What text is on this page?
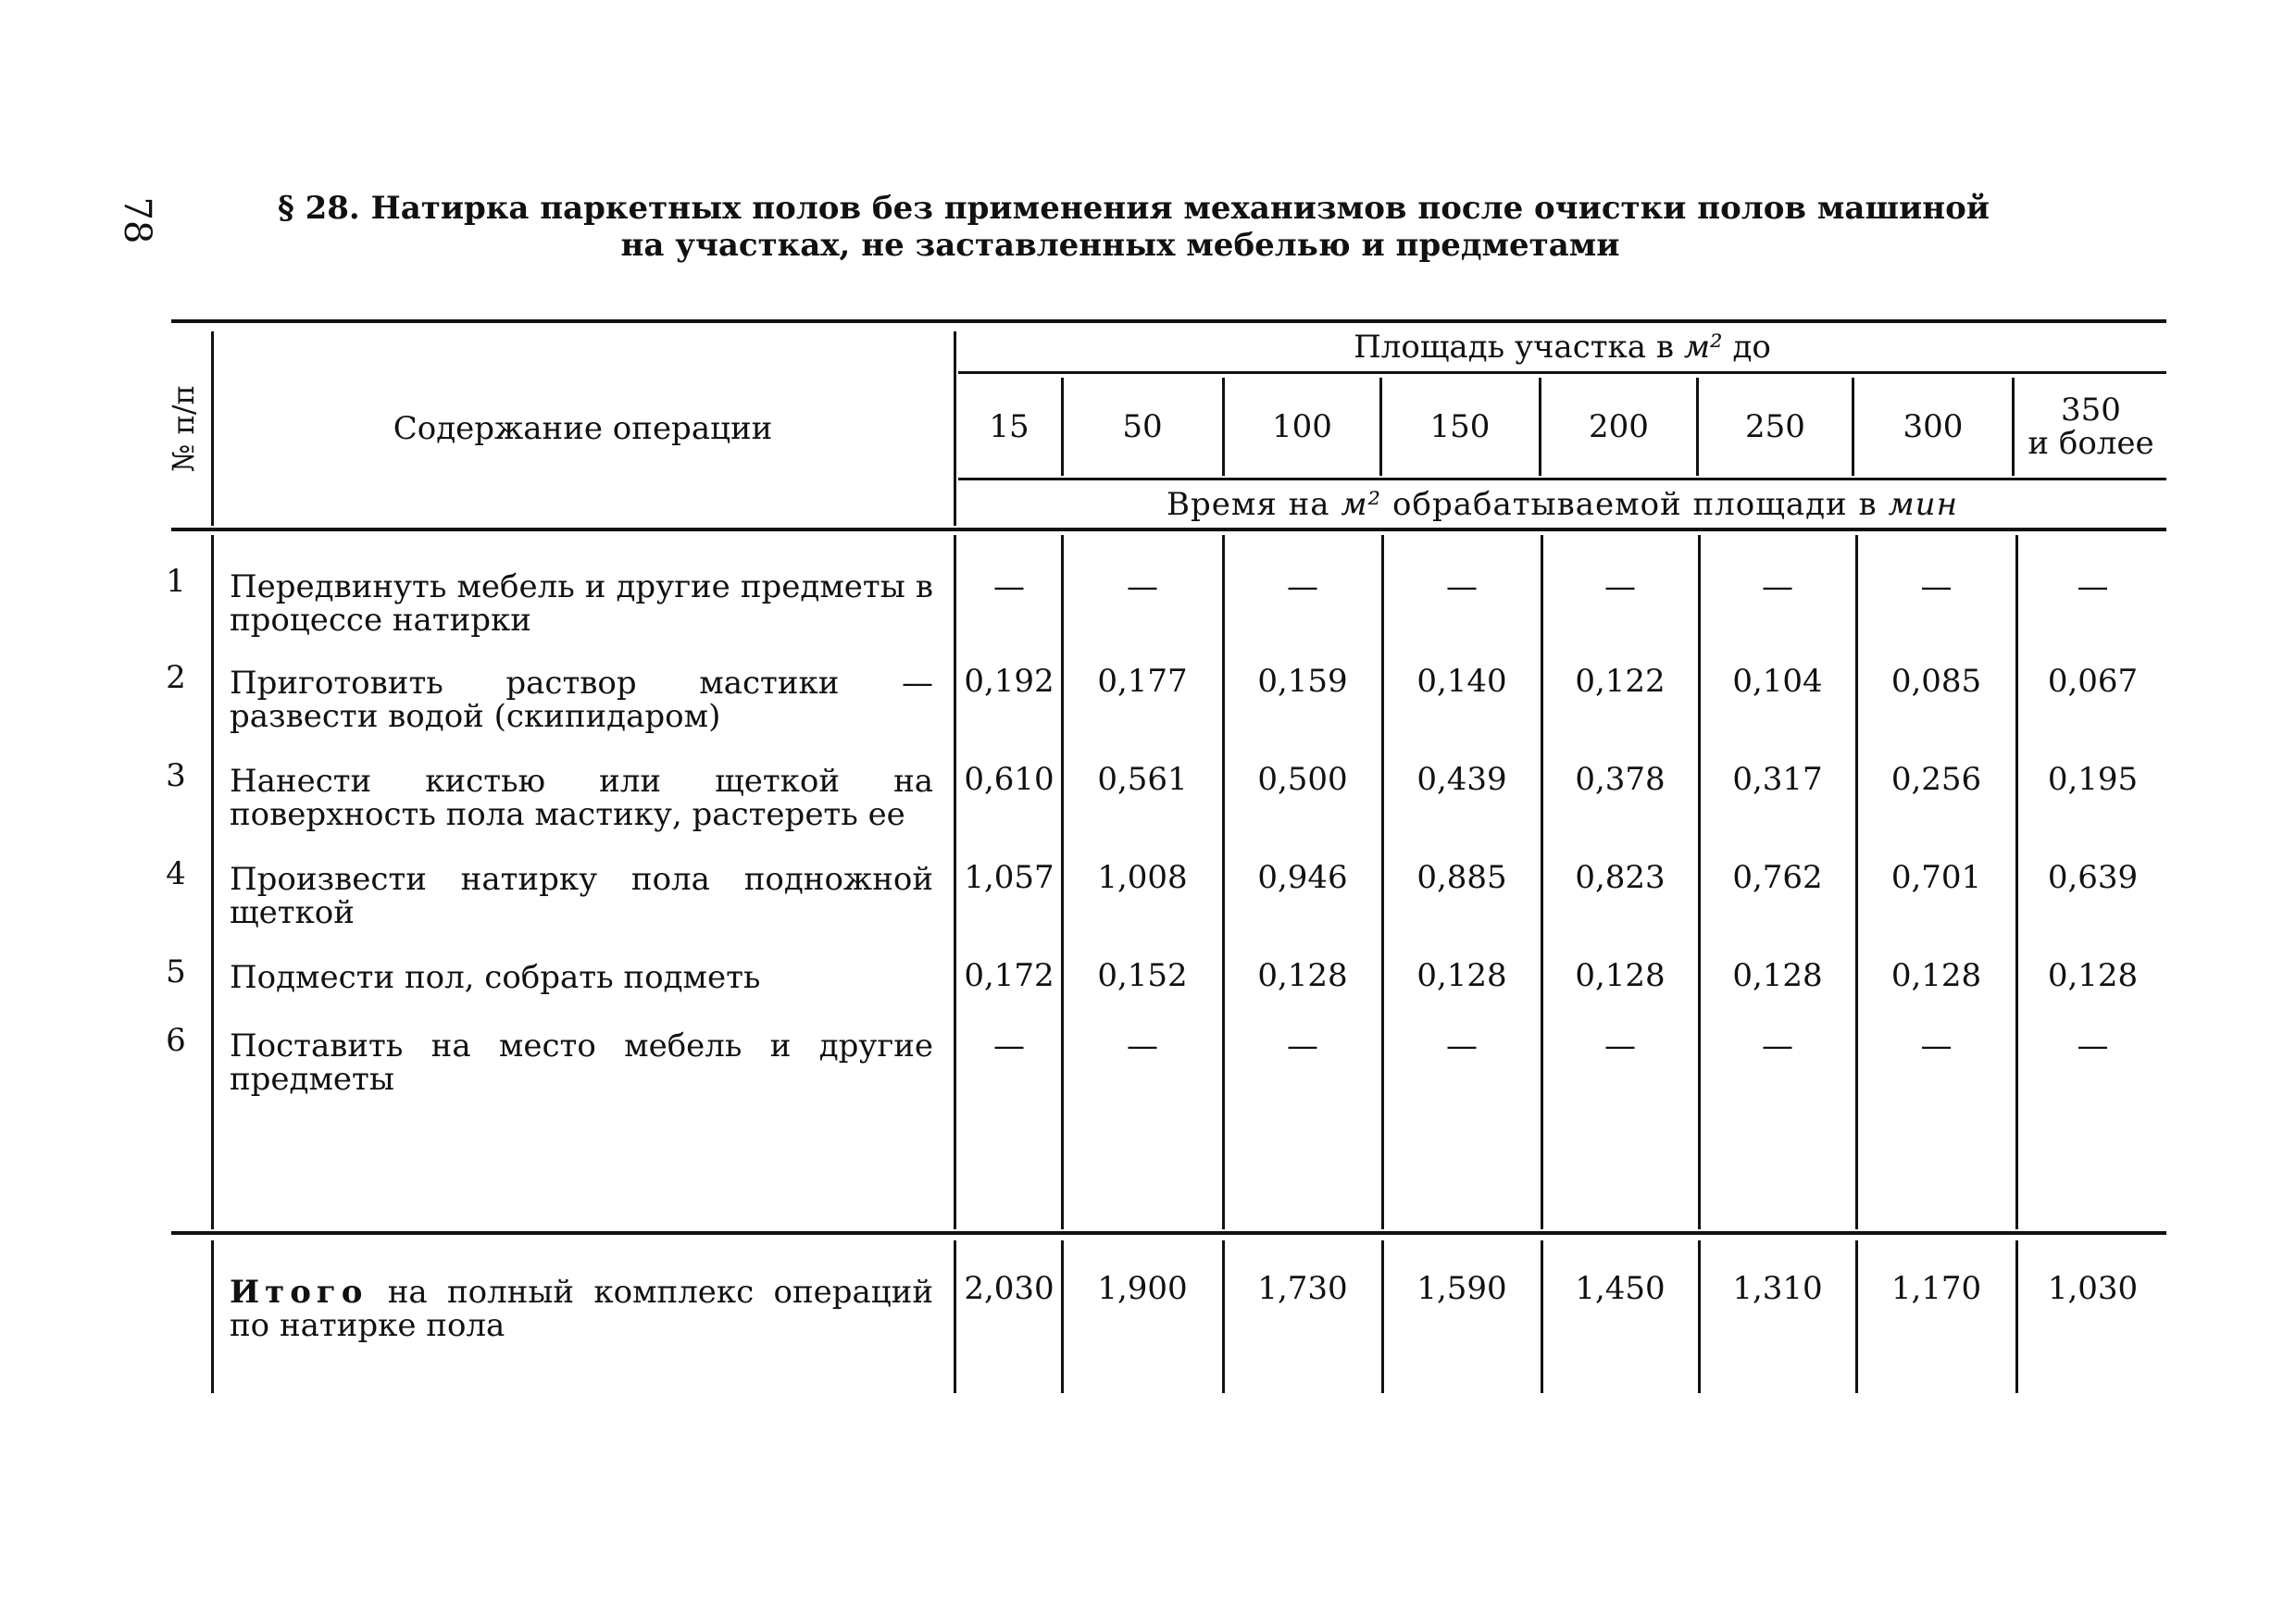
78	§ 28. Натирка паркетных полов без применения механизмов после очистки полов машиной
на участках, не заставленных мебелью и предметами
№ п/п	Содержание операции
Площадь участка в
м²
до
15	50	100	150	200	250	300	350
и более
Время на
м²
обрабатываемой площади в
мин
1 Передвинуть мебель и другие предметы в процессе натирки
—	—	—	—	—	—	—	—
2 Приготовить раствор мастики — развести водой (скипидаром)
0,192	0,177	0,159	0,140	0,122	0,104	0,085	0,067
3 Нанести кистью или щеткой на поверхность пола мастику, растереть ее
0,610	0,561	0,500	0,439	0,378	0,317	0,256	0,195
4 Произвести натирку пола подножной щеткой
1,057	1,008	0,946	0,885	0,823	0,762	0,701	0,639
5 Подмести пол, собрать подметь	0,172	0,152	0,128	0,128	0,128	0,128	0,128	0,128
6 Поставить на место мебель и другие предметы
—	—	—	—	—	—	—	—
Итого на полный комплекс операций по натирке пола
2,030	1,900	1,730	1,590	1,450	1,310	1,170	1,030
